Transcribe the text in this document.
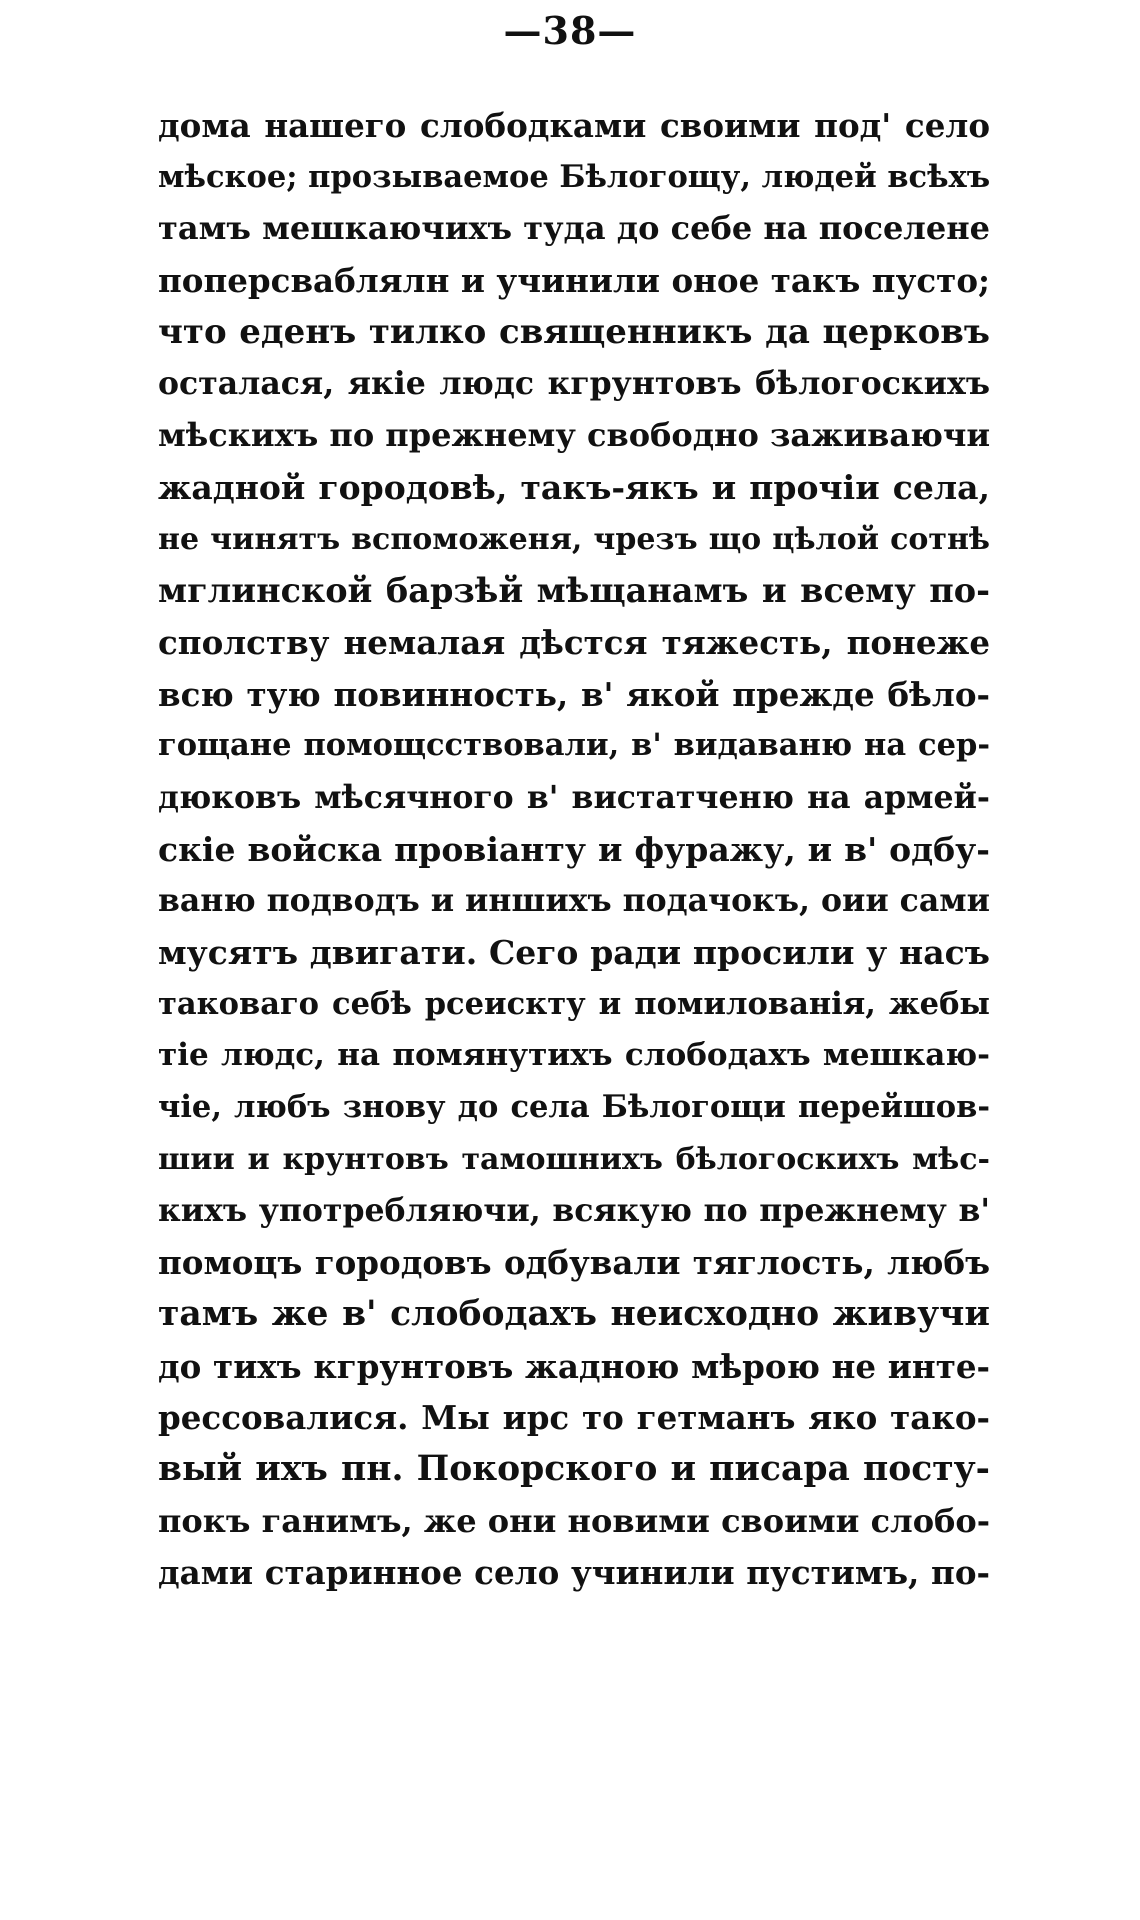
—38—
дома нашего слободками своими под' село
мѣское; прозываемое Бѣлогощу, людей всѣхъ
тамъ мешкаючихъ туда до себе на поселене
поперсваблялн и учинили оное такъ пусто;
что еденъ тилко священникъ да церковъ
осталася, якіе людс кгрунтовъ бѣлогоскихъ
мѣскихъ по прежнему свободно заживаючи
жадной городовѣ, такъ-якъ и прочіи села,
не чинятъ вспоможеня, чрезъ що цѣлой сотнѣ
мглинской барзѣй мѣщанамъ и всему по-
сполству немалая дѣстся тяжесть, понеже
всю тую повинность, в' якой прежде бѣло-
гощане помощсствовали, в' видаваню на сер-
дюковъ мѣсячного в' вистатченю на армей-
скіе войска провіанту и фуражу, и в' одбу-
ваню подводъ и иншихъ подачокъ, оии сами
мусятъ двигати. Сего ради просили у насъ
таковаго себѣ рсеискту и помилованія, жебы
тіе людс, на помянутихъ слободахъ мешкаю-
чіе, любъ знову до села Бѣлогощи перейшов-
шии и крунтовъ тамошнихъ бѣлогоскихъ мѣс-
кихъ употребляючи, всякую по прежнему в'
помоцъ городовъ одбували тяглость, любъ
тамъ же в' слободахъ неисходно живучи
до тихъ кгрунтовъ жадною мѣрою не инте-
рессовалися. Мы ирс то гетманъ яко тако-
вый ихъ пн. Покорского и писара посту-
покъ ганимъ, же они новими своими слобо-
дами старинное село учинили пустимъ, по-
